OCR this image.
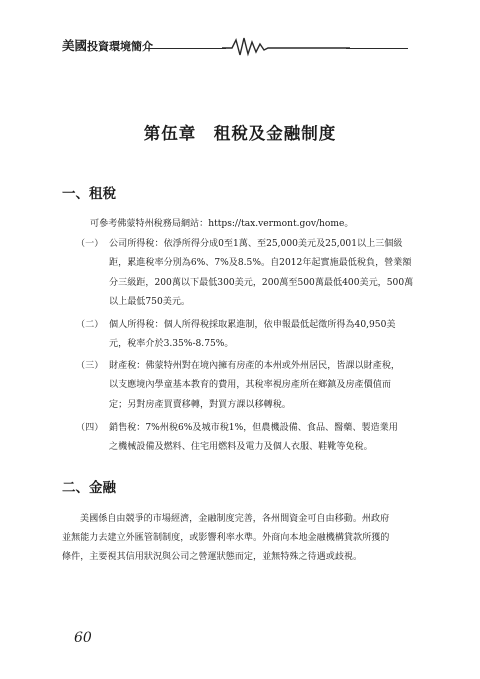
美國投資環境簡介
第伍章　租稅及金融制度
一、租稅
可參考佛蒙特州稅務局網站：https://tax.vermont.gov/home。
（一） 公司所得稅：依淨所得分成0至1萬、至25,000美元及25,001以上三個級
距，累進稅率分別為6%、7%及8.5%。自2012年起實施最低稅負，營業額
分三級距，200萬以下最低300美元，200萬至500萬最低400美元，500萬
以上最低750美元。
（二） 個人所得稅：個人所得稅採取累進制，依申報最低起徵所得為40,950美
元，稅率介於3.35%-8.75%。
（三） 財產稅：佛蒙特州對在境內擁有房產的本州或外州居民，皆課以財產稅，
以支應境內學童基本教育的費用，其稅率視房產所在鄉鎮及房產價值而
定；另對房產買賣移轉，對買方課以移轉稅。
（四） 銷售稅：7%州稅6%及城市稅1%，但農機設備、食品、醫藥、製造業用
之機械設備及燃料、住宅用燃料及電力及個人衣服、鞋靴等免稅。
二、金融
美國係自由競爭的市場經濟，金融制度完善，各州間資金可自由移動。州政府
並無能力去建立外匯管制制度，或影響利率水準。外商向本地金融機構貸款所獲的
條件，主要視其信用狀況與公司之營運狀態而定，並無特殊之待遇或歧視。
60
